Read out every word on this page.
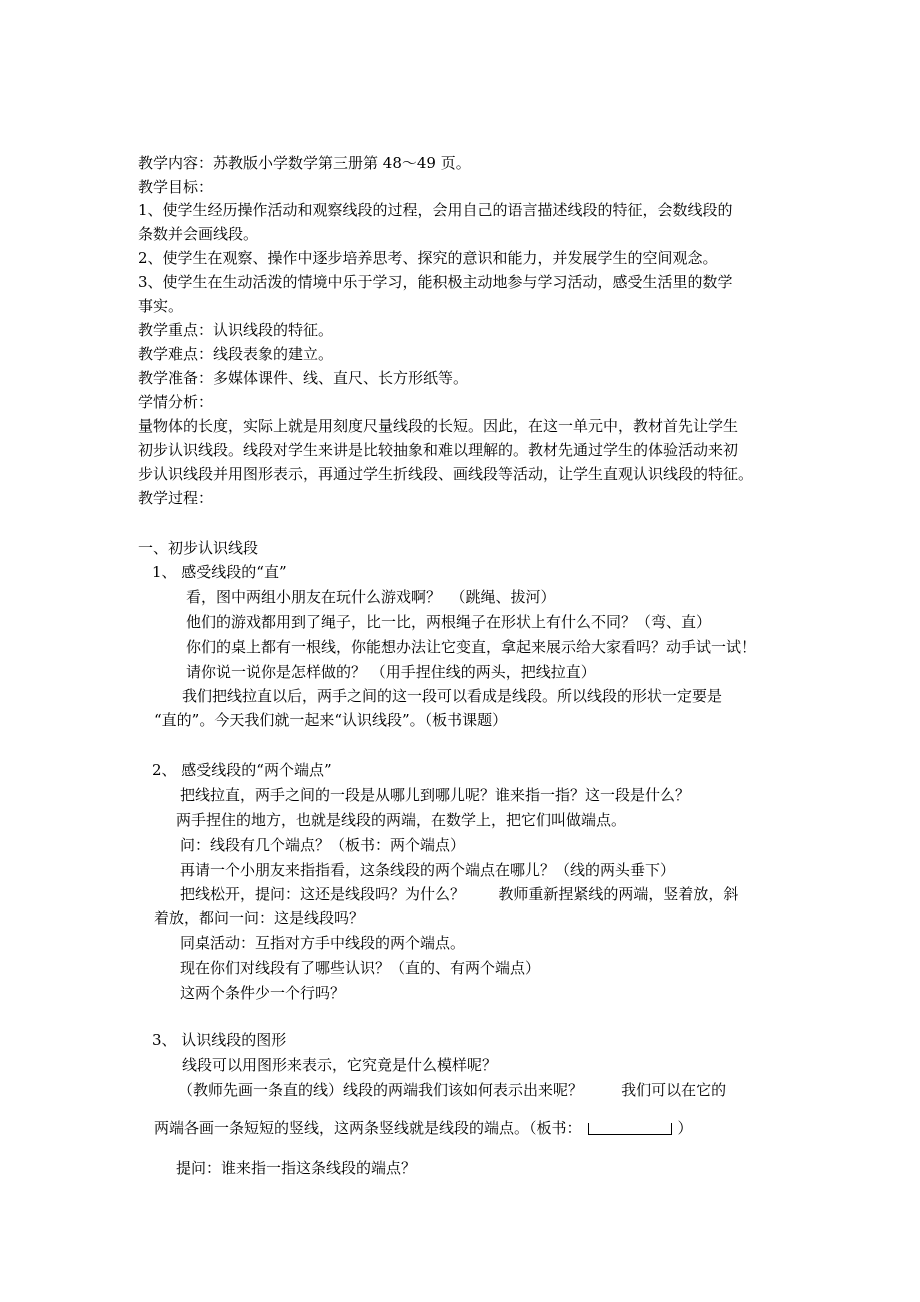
教学内容：苏教版小学数学第三册第 48～49 页。
教学目标：
1、使学生经历操作活动和观察线段的过程，会用自己的语言描述线段的特征，会数线段的
条数并会画线段。
2、使学生在观察、操作中逐步培养思考、探究的意识和能力，并发展学生的空间观念。
3、使学生在生动活泼的情境中乐于学习，能积极主动地参与学习活动，感受生活里的数学
事实。
教学重点：认识线段的特征。
教学难点：线段表象的建立。
教学准备：多媒体课件、线、直尺、长方形纸等。
学情分析：
量物体的长度，实际上就是用刻度尺量线段的长短。因此，在这一单元中，教材首先让学生
初步认识线段。线段对学生来讲是比较抽象和难以理解的。教材先通过学生的体验活动来初
步认识线段并用图形表示，再通过学生折线段、画线段等活动，让学生直观认识线段的特征。
教学过程：
一、初步认识线段
1、 感受线段的“直”
看，图中两组小朋友在玩什么游戏啊？  （跳绳、拔河）
他们的游戏都用到了绳子，比一比，两根绳子在形状上有什么不同？（弯、直）
你们的桌上都有一根线，你能想办法让它变直，拿起来展示给大家看吗？动手试一试！
请你说一说你是怎样做的？ （用手捏住线的两头，把线拉直）
我们把线拉直以后，两手之间的这一段可以看成是线段。所以线段的形状一定要是
“直的”。今天我们就一起来“认识线段”。（板书课题）
2、 感受线段的“两个端点”
把线拉直，两手之间的一段是从哪儿到哪儿呢？谁来指一指？这一段是什么？
两手捏住的地方，也就是线段的两端，在数学上，把它们叫做端点。
问：线段有几个端点？（板书：两个端点）
再请一个小朋友来指指看，这条线段的两个端点在哪儿？（线的两头垂下）
把线松开，提问：这还是线段吗？为什么？       教师重新捏紧线的两端，竖着放，斜
着放，都问一问：这是线段吗？
同桌活动：互指对方手中线段的两个端点。
现在你们对线段有了哪些认识？（直的、有两个端点）
这两个条件少一个行吗？
3、 认识线段的图形
线段可以用图形来表示，它究竟是什么模样呢？
（教师先画一条直的线）线段的两端我们该如何表示出来呢？        我们可以在它的
两端各画一条短短的竖线，这两条竖线就是线段的端点。（板书：	）
提问：谁来指一指这条线段的端点？
